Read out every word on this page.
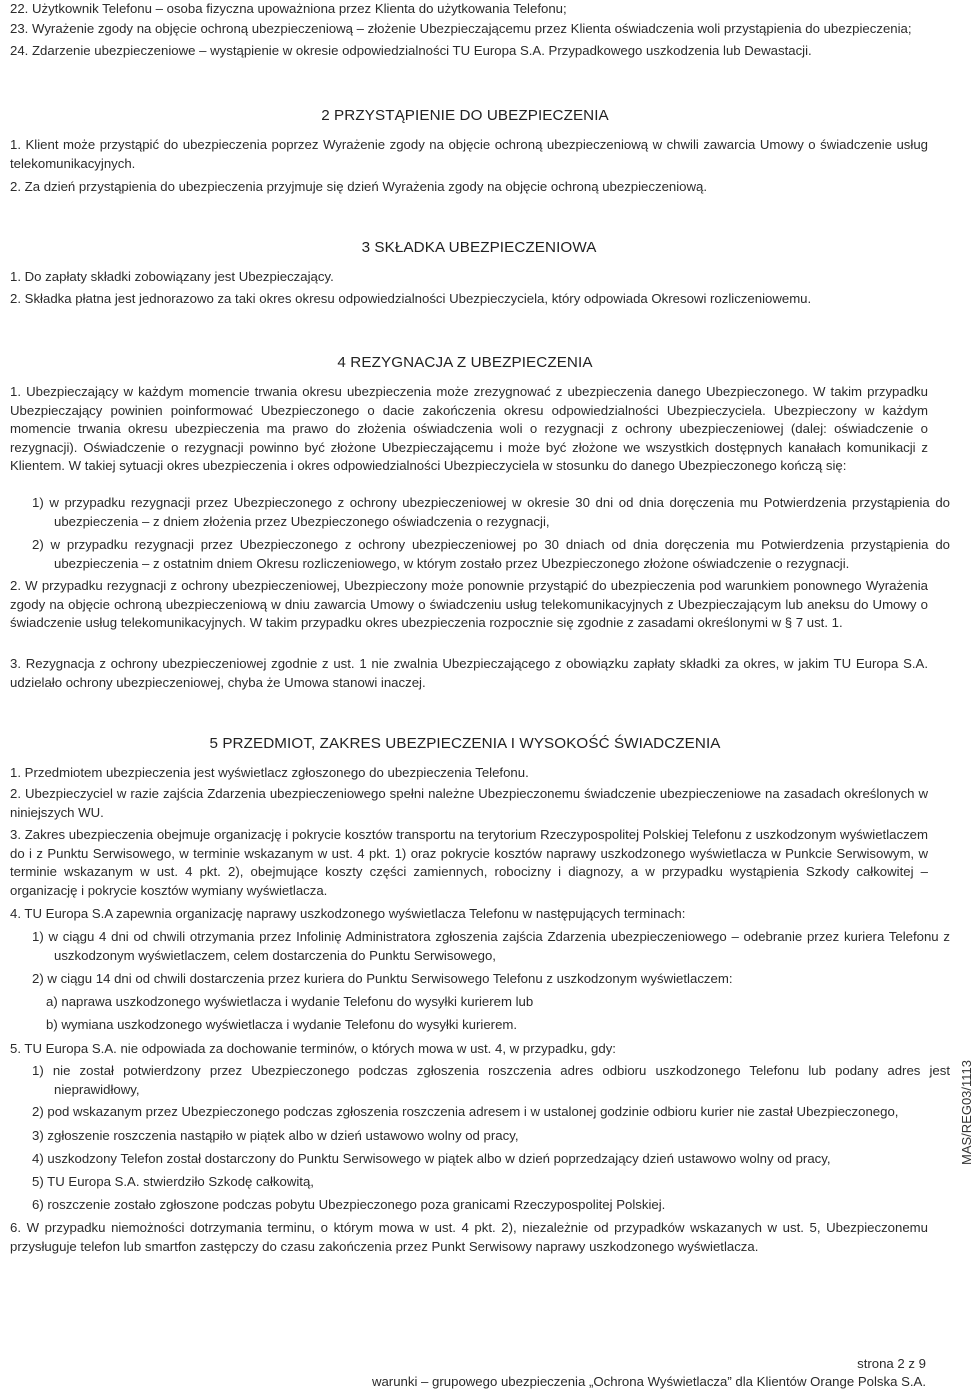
22. Użytkownik Telefonu – osoba fizyczna upoważniona przez Klienta do użytkowania Telefonu;
23. Wyrażenie zgody na objęcie ochroną ubezpieczeniową – złożenie Ubezpieczającemu przez Klienta oświadczenia woli przystąpienia do ubezpieczenia;
24. Zdarzenie ubezpieczeniowe – wystąpienie w okresie odpowiedzialności TU Europa S.A. Przypadkowego uszkodzenia lub Dewastacji.
2 PRZYSTĄPIENIE DO UBEZPIECZENIA
1. Klient może przystąpić do ubezpieczenia poprzez Wyrażenie zgody na objęcie ochroną ubezpieczeniową w chwili zawarcia Umowy o świadczenie usług telekomunikacyjnych.
2. Za dzień przystąpienia do ubezpieczenia przyjmuje się dzień Wyrażenia zgody na objęcie ochroną ubezpieczeniową.
3 SKŁADKA UBEZPIECZENIOWA
1. Do zapłaty składki zobowiązany jest Ubezpieczający.
2. Składka płatna jest jednorazowo za taki okres okresu odpowiedzialności Ubezpieczyciela, który odpowiada Okresowi rozliczeniowemu.
4 REZYGNACJA Z UBEZPIECZENIA
1. Ubezpieczający w każdym momencie trwania okresu ubezpieczenia może zrezygnować z ubezpieczenia danego Ubezpieczonego. W takim przypadku Ubezpieczający powinien poinformować Ubezpieczonego o dacie zakończenia okresu odpowiedzialności Ubezpieczyciela. Ubezpieczony w każdym momencie trwania okresu ubezpieczenia ma prawo do złożenia oświadczenia woli o rezygnacji z ochrony ubezpieczeniowej (dalej: oświadczenie o rezygnacji). Oświadczenie o rezygnacji powinno być złożone Ubezpieczającemu i może być złożone we wszystkich dostępnych kanałach komunikacji z Klientem. W takiej sytuacji okres ubezpieczenia i okres odpowiedzialności Ubezpieczyciela w stosunku do danego Ubezpieczonego kończą się:
1) w przypadku rezygnacji przez Ubezpieczonego z ochrony ubezpieczeniowej w okresie 30 dni od dnia doręczenia mu Potwierdzenia przystąpienia do ubezpieczenia – z dniem złożenia przez Ubezpieczonego oświadczenia o rezygnacji,
2) w przypadku rezygnacji przez Ubezpieczonego z ochrony ubezpieczeniowej po 30 dniach od dnia doręczenia mu Potwierdzenia przystąpienia do ubezpieczenia – z ostatnim dniem Okresu rozliczeniowego, w którym zostało przez Ubezpieczonego złożone oświadczenie o rezygnacji.
2. W przypadku rezygnacji z ochrony ubezpieczeniowej, Ubezpieczony może ponownie przystąpić do ubezpieczenia pod warunkiem ponownego Wyrażenia zgody na objęcie ochroną ubezpieczeniową w dniu zawarcia Umowy o świadczeniu usług telekomunikacyjnych z Ubezpieczającym lub aneksu do Umowy o świadczenie usług telekomunikacyjnych. W takim przypadku okres ubezpieczenia rozpocznie się zgodnie z zasadami określonymi w § 7 ust. 1.
3. Rezygnacja z ochrony ubezpieczeniowej zgodnie z ust. 1 nie zwalnia Ubezpieczającego z obowiązku zapłaty składki za okres, w jakim TU Europa S.A. udzielało ochrony ubezpieczeniowej, chyba że Umowa stanowi inaczej.
5 PRZEDMIOT, ZAKRES UBEZPIECZENIA I WYSOKOŚĆ ŚWIADCZENIA
1. Przedmiotem ubezpieczenia jest wyświetlacz zgłoszonego do ubezpieczenia Telefonu.
2. Ubezpieczyciel w razie zajścia Zdarzenia ubezpieczeniowego spełni należne Ubezpieczonemu świadczenie ubezpieczeniowe na zasadach określonych w niniejszych WU.
3. Zakres ubezpieczenia obejmuje organizację i pokrycie kosztów transportu na terytorium Rzeczypospolitej Polskiej Telefonu z uszkodzonym wyświetlaczem do i z Punktu Serwisowego, w terminie wskazanym w ust. 4 pkt. 1) oraz pokrycie kosztów naprawy uszkodzonego wyświetlacza w Punkcie Serwisowym, w terminie wskazanym w ust. 4 pkt. 2), obejmujące koszty części zamiennych, robocizny i diagnozy, a w przypadku wystąpienia Szkody całkowitej – organizację i pokrycie kosztów wymiany wyświetlacza.
4. TU Europa S.A zapewnia organizację naprawy uszkodzonego wyświetlacza Telefonu w następujących terminach:
1) w ciągu 4 dni od chwili otrzymania przez Infolinię Administratora zgłoszenia zajścia Zdarzenia ubezpieczeniowego – odebranie przez kuriera Telefonu z uszkodzonym wyświetlaczem, celem dostarczenia do Punktu Serwisowego,
2) w ciągu 14 dni od chwili dostarczenia przez kuriera do Punktu Serwisowego Telefonu z uszkodzonym wyświetlaczem:
a) naprawa uszkodzonego wyświetlacza i wydanie Telefonu do wysyłki kurierem lub
b) wymiana uszkodzonego wyświetlacza i wydanie Telefonu do wysyłki kurierem.
5. TU Europa S.A. nie odpowiada za dochowanie terminów, o których mowa w ust. 4, w przypadku, gdy:
1) nie został potwierdzony przez Ubezpieczonego podczas zgłoszenia roszczenia adres odbioru uszkodzonego Telefonu lub podany adres jest nieprawidłowy,
2) pod wskazanym przez Ubezpieczonego podczas zgłoszenia roszczenia adresem i w ustalonej godzinie odbioru kurier nie zastał Ubezpieczonego,
3) zgłoszenie roszczenia nastąpiło w piątek albo w dzień ustawowo wolny od pracy,
4) uszkodzony Telefon został dostarczony do Punktu Serwisowego w piątek albo w dzień poprzedzający dzień ustawowo wolny od pracy,
5) TU Europa S.A. stwierdziło Szkodę całkowitą,
6) roszczenie zostało zgłoszone podczas pobytu Ubezpieczonego poza granicami Rzeczypospolitej Polskiej.
6. W przypadku niemożności dotrzymania terminu, o którym mowa w ust. 4 pkt. 2), niezależnie od przypadków wskazanych w ust. 5, Ubezpieczonemu przysługuje telefon lub smartfon zastępczy do czasu zakończenia przez Punkt Serwisowy naprawy uszkodzonego wyświetlacza.
MAS/REG03/1113
strona 2 z 9
warunki – grupowego ubezpieczenia „Ochrona Wyświetlacza” dla Klientów Orange Polska S.A.
